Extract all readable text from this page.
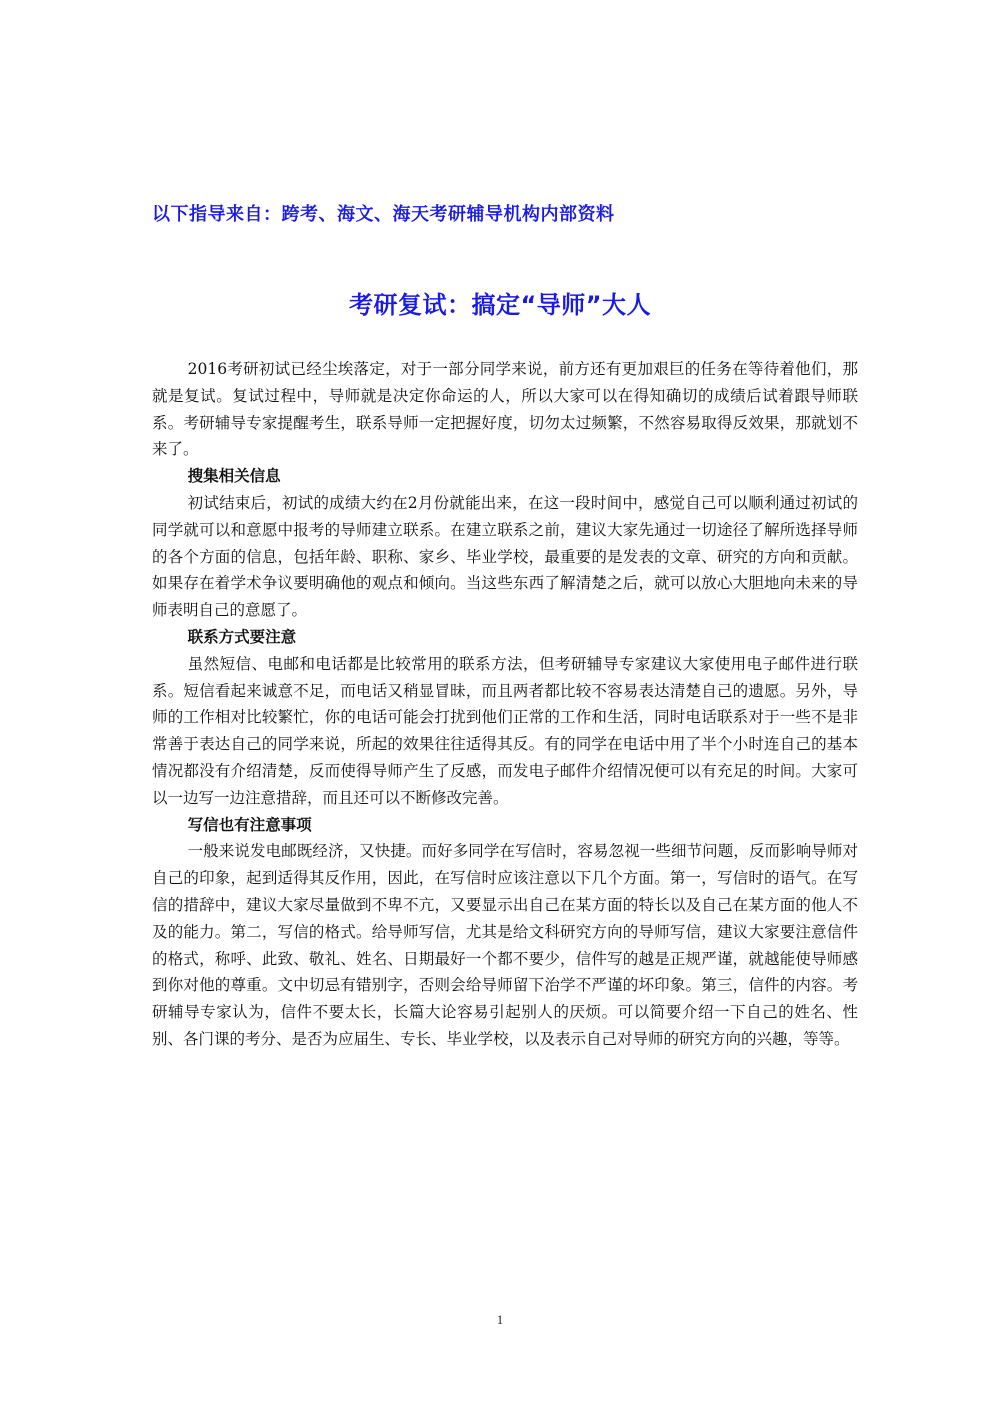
以下指导来自：跨考、海文、海天考研辅导机构内部资料
考研复试：搞定“导师”大人

2016考研初试已经尘埃落定，对于一部分同学来说，前方还有更加艰巨的任务在等待着他们，那就是复试。复试过程中，导师就是决定你命运的人，所以大家可以在得知确切的成绩后试着跟导师联系。考研辅导专家提醒考生，联系导师一定把握好度，切勿太过频繁，不然容易取得反效果，那就划不来了。

搜集相关信息

初试结束后，初试的成绩大约在2月份就能出来，在这一段时间中，感觉自己可以顺利通过初试的同学就可以和意愿中报考的导师建立联系。在建立联系之前，建议大家先通过一切途径了解所选择导师的各个方面的信息，包括年龄、职称、家乡、毕业学校，最重要的是发表的文章、研究的方向和贡献。如果存在着学术争议要明确他的观点和倾向。当这些东西了解清楚之后，就可以放心大胆地向未来的导师表明自己的意愿了。

联系方式要注意

虽然短信、电邮和电话都是比较常用的联系方法，但考研辅导专家建议大家使用电子邮件进行联系。短信看起来诚意不足，而电话又稍显冒昧，而且两者都比较不容易表达清楚自己的遗愿。另外，导师的工作相对比较繁忙，你的电话可能会打扰到他们正常的工作和生活，同时电话联系对于一些不是非常善于表达自己的同学来说，所起的效果往往适得其反。有的同学在电话中用了半个小时连自己的基本情况都没有介绍清楚，反而使得导师产生了反感，而发电子邮件介绍情况便可以有充足的时间。大家可以一边写一边注意措辞，而且还可以不断修改完善。

写信也有注意事项

一般来说发电邮既经济，又快捷。而好多同学在写信时，容易忽视一些细节问题，反而影响导师对自己的印象，起到适得其反作用，因此，在写信时应该注意以下几个方面。第一，写信时的语气。在写信的措辞中，建议大家尽量做到不卑不亢，又要显示出自己在某方面的特长以及自己在某方面的他人不及的能力。第二，写信的格式。给导师写信，尤其是给文科研究方向的导师写信，建议大家要注意信件的格式，称呼、此致、敬礼、姓名、日期最好一个都不要少，信件写的越是正规严谨，就越能使导师感到你对他的尊重。文中切忌有错别字，否则会给导师留下治学不严谨的坏印象。第三，信件的内容。考研辅导专家认为，信件不要太长，长篇大论容易引起别人的厌烦。可以简要介绍一下自己的姓名、性别、各门课的考分、是否为应届生、专长、毕业学校，以及表示自己对导师的研究方向的兴趣，等等。

1
